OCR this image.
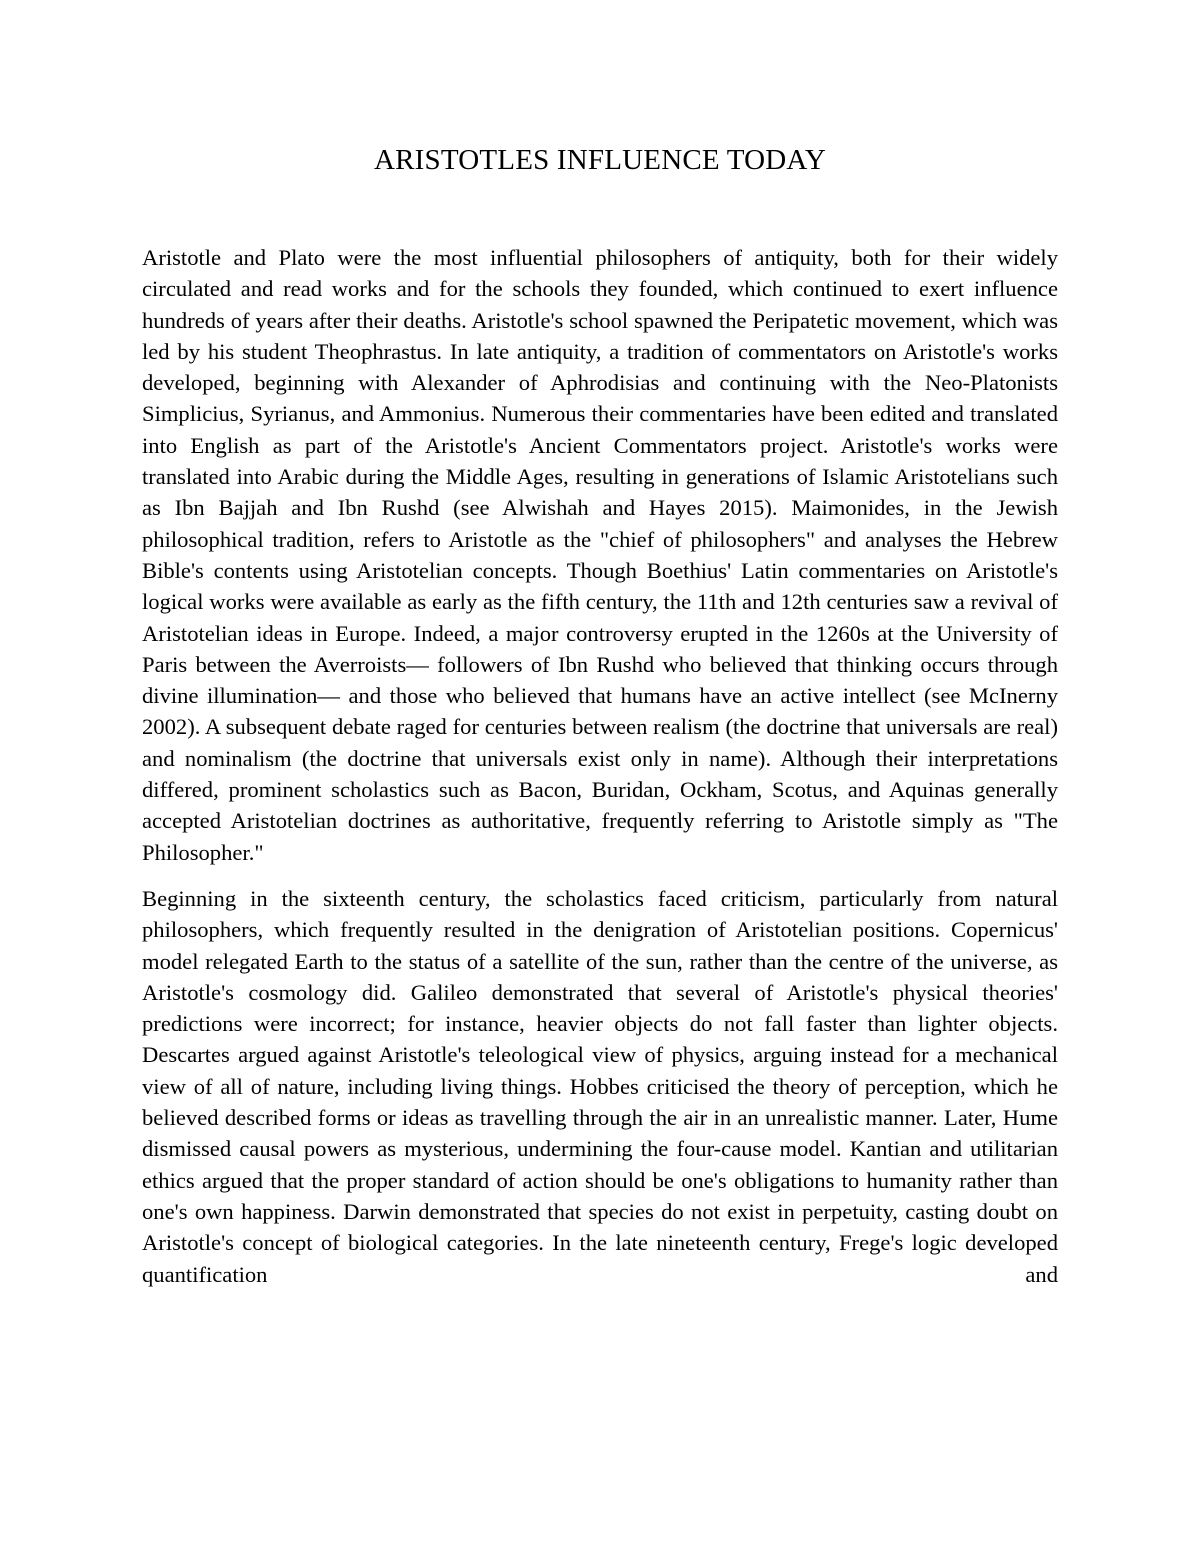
ARISTOTLES INFLUENCE TODAY

Aristotle and Plato were the most influential philosophers of antiquity, both for their widely circulated and read works and for the schools they founded, which continued to exert influence hundreds of years after their deaths. Aristotle's school spawned the Peripatetic movement, which was led by his student Theophrastus. In late antiquity, a tradition of commentators on Aristotle's works developed, beginning with Alexander of Aphrodisias and continuing with the Neo-Platonists Simplicius, Syrianus, and Ammonius. Numerous their commentaries have been edited and translated into English as part of the Aristotle's Ancient Commentators project. Aristotle's works were translated into Arabic during the Middle Ages, resulting in generations of Islamic Aristotelians such as Ibn Bajjah and Ibn Rushd (see Alwishah and Hayes 2015). Maimonides, in the Jewish philosophical tradition, refers to Aristotle as the "chief of philosophers" and analyses the Hebrew Bible's contents using Aristotelian concepts. Though Boethius' Latin commentaries on Aristotle's logical works were available as early as the fifth century, the 11th and 12th centuries saw a revival of Aristotelian ideas in Europe. Indeed, a major controversy erupted in the 1260s at the University of Paris between the Averroists— followers of Ibn Rushd who believed that thinking occurs through divine illumination— and those who believed that humans have an active intellect (see McInerny 2002). A subsequent debate raged for centuries between realism (the doctrine that universals are real) and nominalism (the doctrine that universals exist only in name). Although their interpretations differed, prominent scholastics such as Bacon, Buridan, Ockham, Scotus, and Aquinas generally accepted Aristotelian doctrines as authoritative, frequently referring to Aristotle simply as "The Philosopher."

Beginning in the sixteenth century, the scholastics faced criticism, particularly from natural philosophers, which frequently resulted in the denigration of Aristotelian positions. Copernicus' model relegated Earth to the status of a satellite of the sun, rather than the centre of the universe, as Aristotle's cosmology did. Galileo demonstrated that several of Aristotle's physical theories' predictions were incorrect; for instance, heavier objects do not fall faster than lighter objects. Descartes argued against Aristotle's teleological view of physics, arguing instead for a mechanical view of all of nature, including living things. Hobbes criticised the theory of perception, which he believed described forms or ideas as travelling through the air in an unrealistic manner. Later, Hume dismissed causal powers as mysterious, undermining the four-cause model. Kantian and utilitarian ethics argued that the proper standard of action should be one's obligations to humanity rather than one's own happiness. Darwin demonstrated that species do not exist in perpetuity, casting doubt on Aristotle's concept of biological categories. In the late nineteenth century, Frege's logic developed quantification and
